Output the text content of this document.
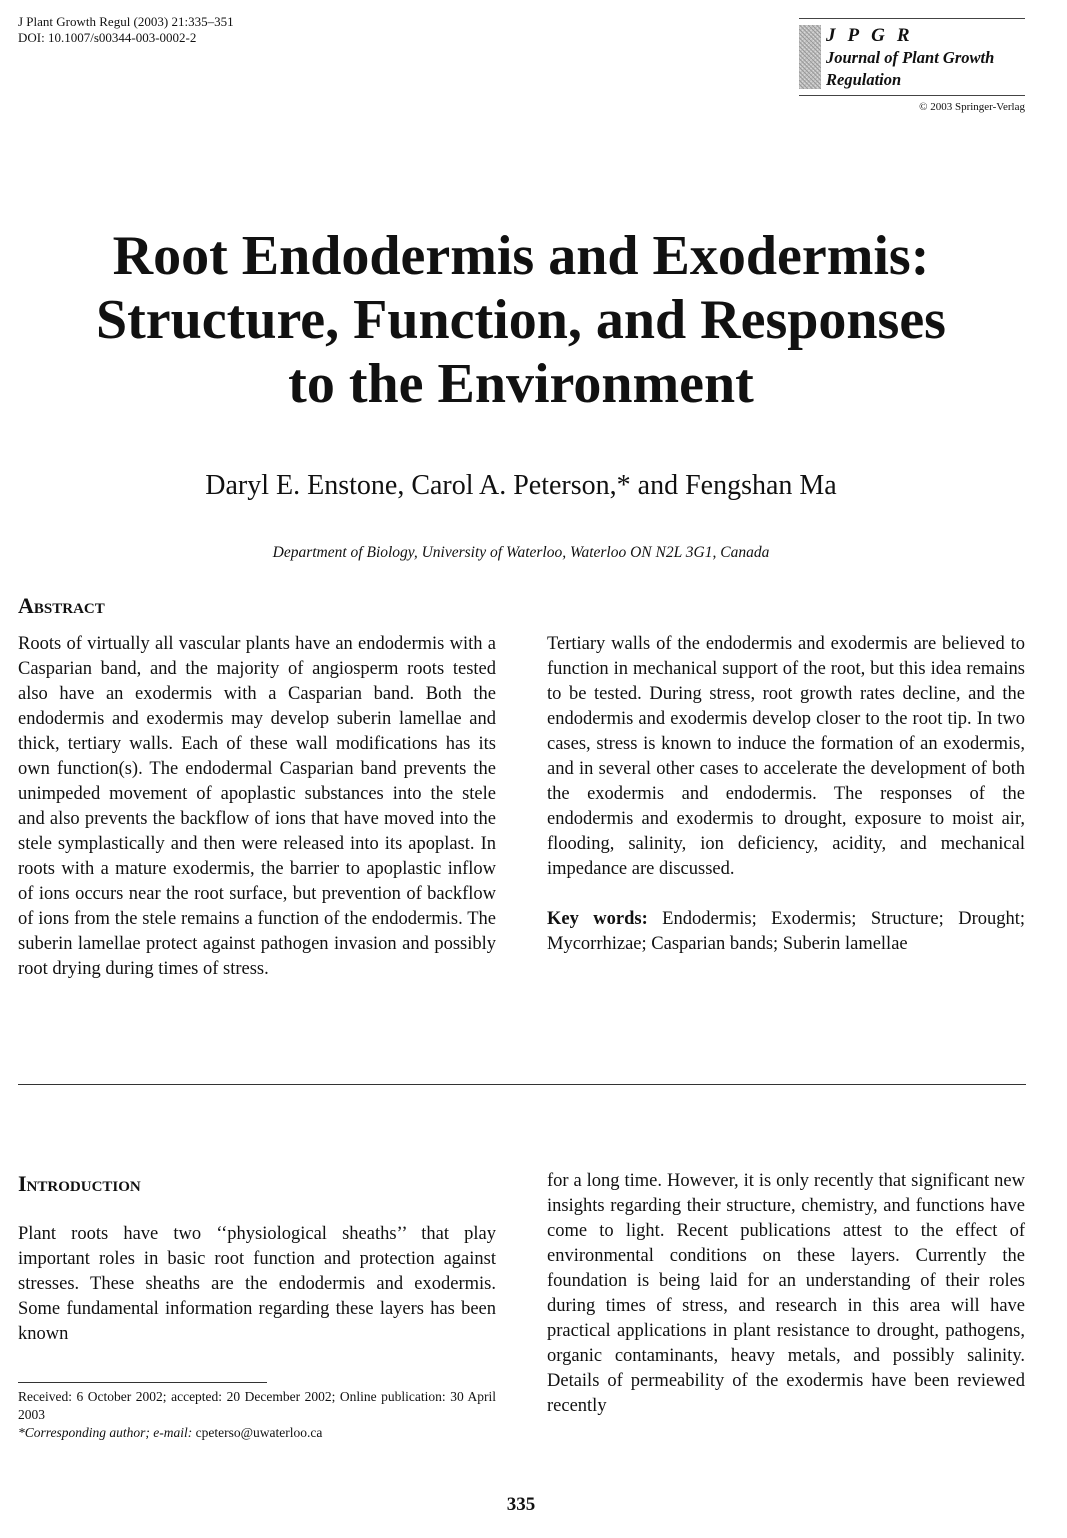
J Plant Growth Regul (2003) 21:335–351
DOI: 10.1007/s00344-003-0002-2	JPGR
Journal of Plant Growth
Regulation
© 2003 Springer-Verlag
Root Endodermis and Exodermis:
Structure, Function, and Responses
to the Environment
Daryl E. Enstone, Carol A. Peterson,* and Fengshan Ma
Department of Biology, University of Waterloo, Waterloo ON N2L 3G1, Canada
Abstract

Roots of virtually all vascular plants have an endodermis with a Casparian band, and the majority of angiosperm roots tested also have an exodermis with a Casparian band. Both the endodermis and exodermis may develop suberin lamellae and thick, tertiary walls. Each of these wall modifications has its own function(s). The endodermal Casparian band prevents the unimpeded movement of apoplastic substances into the stele and also prevents the backflow of ions that have moved into the stele symplastically and then were released into its apoplast. In roots with a mature exodermis, the barrier to apoplastic inflow of ions occurs near the root surface, but prevention of backflow of ions from the stele remains a function of the endodermis. The suberin lamellae protect against pathogen invasion and possibly root drying during times of stress.

Tertiary walls of the endodermis and exodermis are believed to function in mechanical support of the root, but this idea remains to be tested. During stress, root growth rates decline, and the endodermis and exodermis develop closer to the root tip. In two cases, stress is known to induce the formation of an exodermis, and in several other cases to accelerate the development of both the exodermis and endodermis. The responses of the endodermis and exodermis to drought, exposure to moist air, flooding, salinity, ion deficiency, acidity, and mechanical impedance are discussed.

Key words: Endodermis; Exodermis; Structure; Drought; Mycorrhizae; Casparian bands; Suberin lamellae

Introduction

Plant roots have two ‘‘physiological sheaths’’ that play important roles in basic root function and protection against stresses. These sheaths are the endodermis and exodermis. Some fundamental information regarding these layers has been known

for a long time. However, it is only recently that significant new insights regarding their structure, chemistry, and functions have come to light. Recent publications attest to the effect of environmental conditions on these layers. Currently the foundation is being laid for an understanding of their roles during times of stress, and research in this area will have practical applications in plant resistance to drought, pathogens, organic contaminants, heavy metals, and possibly salinity. Details of permeability of the exodermis have been reviewed recently

Received: 6 October 2002; accepted: 20 December 2002; Online publication: 30 April 2003

*Corresponding author; e-mail: cpeterso@uwaterloo.ca

335
